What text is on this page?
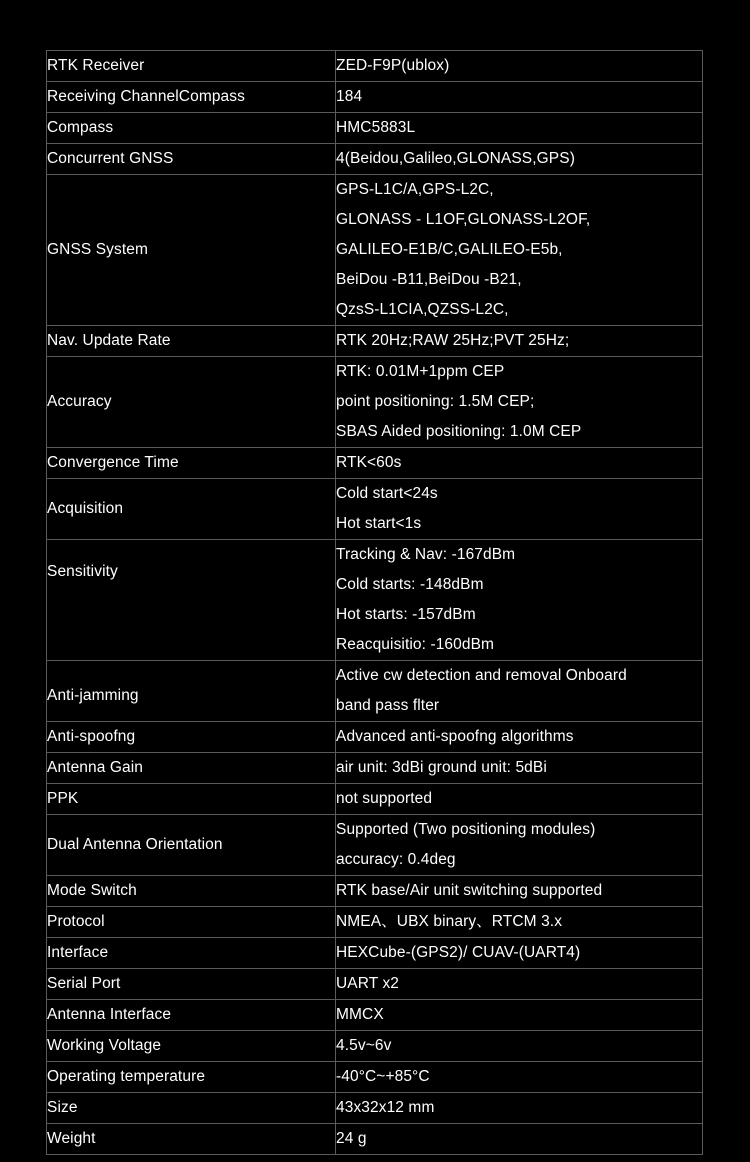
RTK Receiver	ZED-F9P(ublox)

Receiving ChannelCompass	184

Compass	HMC5883L

Concurrent GNSS	4(Beidou,Galileo,GLONASS,GPS)

GNSS System	GPS-L1C/A,GPS-L2C,
GLONASS - L1OF,GLONASS-L2OF,
GALILEO-E1B/C,GALILEO-E5b,
BeiDou -B11,BeiDou -B21,
QzsS-L1CIA,QZSS-L2C,

Nav. Update Rate	RTK 20Hz;RAW 25Hz;PVT 25Hz;

Accuracy	RTK: 0.01M+1ppm CEP
point positioning: 1.5M CEP;
SBAS Aided positioning: 1.0M CEP

Convergence Time	RTK<60s

Acquisition	Cold start<24s
Hot start<1s

Sensitivity	Tracking & Nav: -167dBm
Cold starts: -148dBm
Hot starts: -157dBm
Reacquisitio: -160dBm

Anti-jamming	Active cw detection and removal Onboard
band pass flter

Anti-spoofng	Advanced anti-spoofng algorithms

Antenna Gain	air unit: 3dBi ground unit: 5dBi

PPK	not supported

Dual Antenna Orientation	Supported (Two positioning modules)
accuracy: 0.4deg

Mode Switch	RTK base/Air unit switching supported

Protocol	NMEA、UBX binary、RTCM 3.x

Interface	HEXCube-(GPS2)/ CUAV-(UART4)

Serial Port	UART x2

Antenna Interface	MMCX

Working Voltage	4.5v~6v

Operating temperature	-40°C~+85°C

Size	43x32x12 mm

Weight	24 g
